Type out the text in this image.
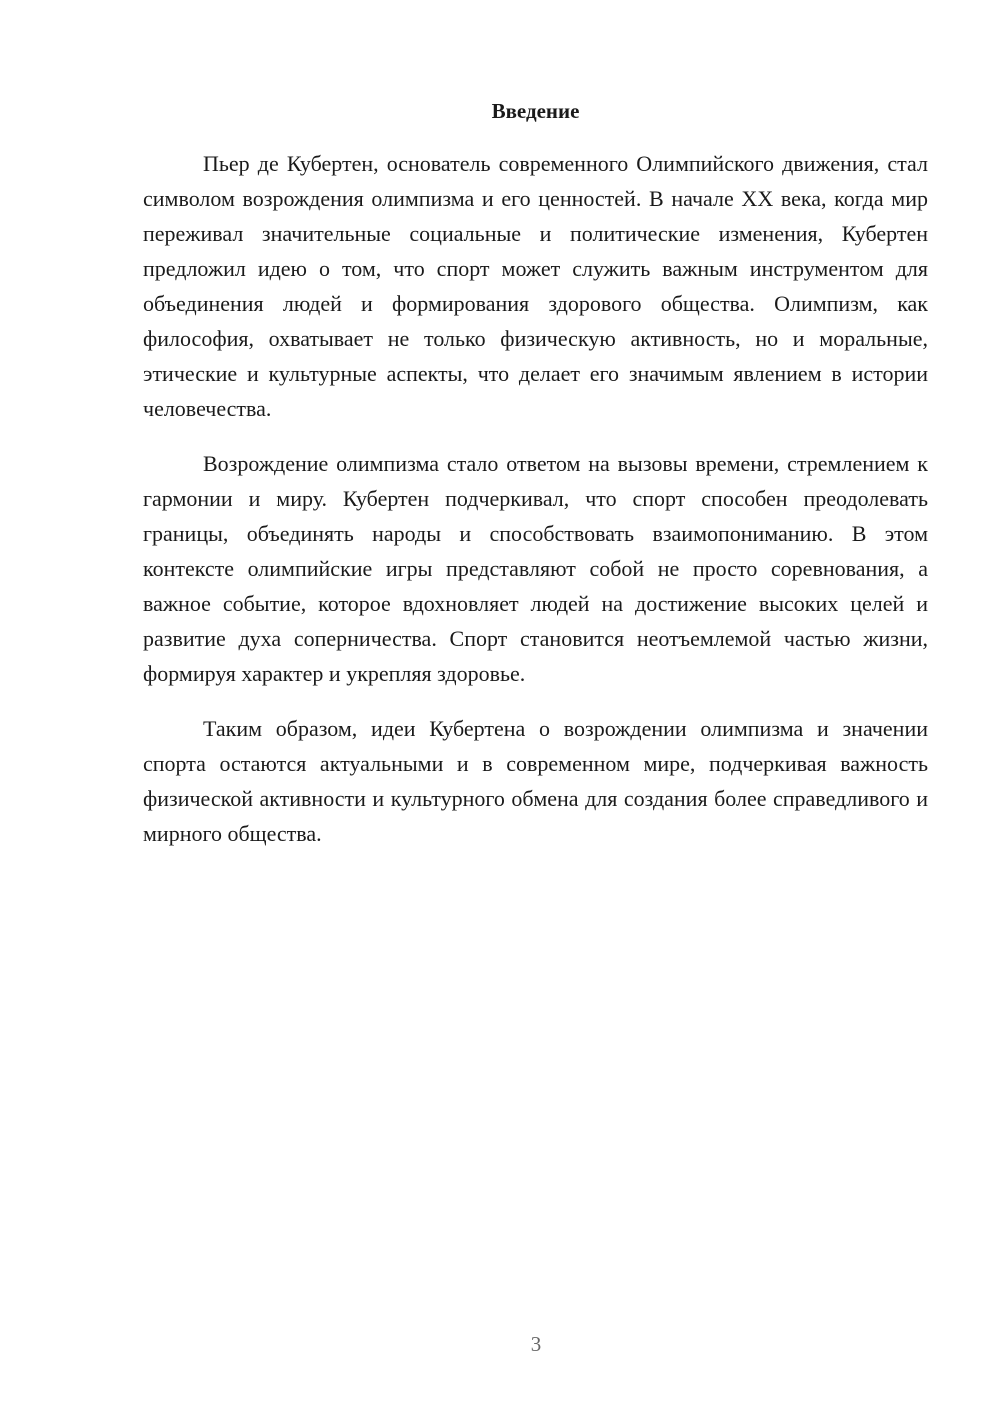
Введение

Пьер де Кубертен, основатель современного Олимпийского движения, стал символом возрождения олимпизма и его ценностей. В начале XX века, когда мир переживал значительные социальные и политические изменения, Кубертен предложил идею о том, что спорт может служить важным инструментом для объединения людей и формирования здорового общества. Олимпизм, как философия, охватывает не только физическую активность, но и моральные, этические и культурные аспекты, что делает его значимым явлением в истории человечества.

Возрождение олимпизма стало ответом на вызовы времени, стремлением к гармонии и миру. Кубертен подчеркивал, что спорт способен преодолевать границы, объединять народы и способствовать взаимопониманию. В этом контексте олимпийские игры представляют собой не просто соревнования, а важное событие, которое вдохновляет людей на достижение высоких целей и развитие духа соперничества. Спорт становится неотъемлемой частью жизни, формируя характер и укрепляя здоровье.

Таким образом, идеи Кубертена о возрождении олимпизма и значении спорта остаются актуальными и в современном мире, подчеркивая важность физической активности и культурного обмена для создания более справедливого и мирного общества.

3
